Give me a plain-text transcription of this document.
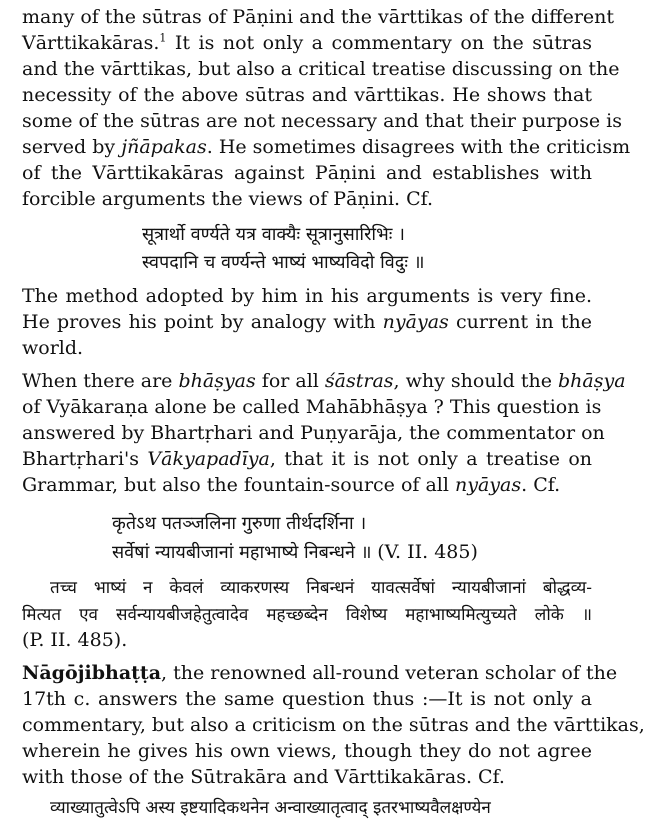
many of the sūtras of Pāṇini and the vārttikas of the different
Vārttikakāras.$^1$ It is not only a commentary on the sūtras
and the vārttikas, but also a critical treatise discussing on the
necessity of the above sūtras and vārttikas. He shows that
some of the sūtras are not necessary and that their purpose is
served by jñāpakas. He sometimes disagrees with the criticism
of the Vārttikakāras against Pāṇini and establishes with
forcible arguments the views of Pāṇini. Cf.
सूत्रार्थो वर्ण्यते यत्र वाक्यैः सूत्रानुसारिभिः ।
स्वपदानि च वर्ण्यन्ते भाष्यं भाष्यविदो विदुः ॥
The method adopted by him in his arguments is very fine.
He proves his point by analogy with nyāyas current in the
world.
When there are bhāṣyas for all śāstras, why should the bhāṣya
of Vyākaraṇa alone be called Mahābhāṣya ? This question is
answered by Bhartṛhari and Puṇyarāja, the commentator on
Bhartṛhari's Vākyapadīya, that it is not only a treatise on
Grammar, but also the fountain-source of all nyāyas. Cf.
कृतेऽथ पतञ्जलिना गुरुणा तीर्थदर्शिना ।
सर्वेषां न्यायबीजानां महाभाष्ये निबन्धने ॥ (V. II. 485)
तच्च भाष्यं न केवलं व्याकरणस्य निबन्धनं यावत्सर्वेषां न्यायबीजानां बोद्धव्य-
मित्यत एव सर्वन्यायबीजहेतुत्वादेव महच्छब्देन विशेष्य महाभाष्यमित्युच्यते लोके ॥
(P. II. 485).
Nāgōjibhaṭṭa, the renowned all-round veteran scholar of the
17th c. answers the same question thus :—It is not only a
commentary, but also a criticism on the sūtras and the vārttikas,
wherein he gives his own views, though they do not agree
with those of the Sūtrakāra and Vārttikakāras. Cf.
व्याख्यातुत्वेऽपि अस्य इष्टयादिकथनेन अन्वाख्यातृत्वाद् इतरभाष्यवैलक्षण्येन
